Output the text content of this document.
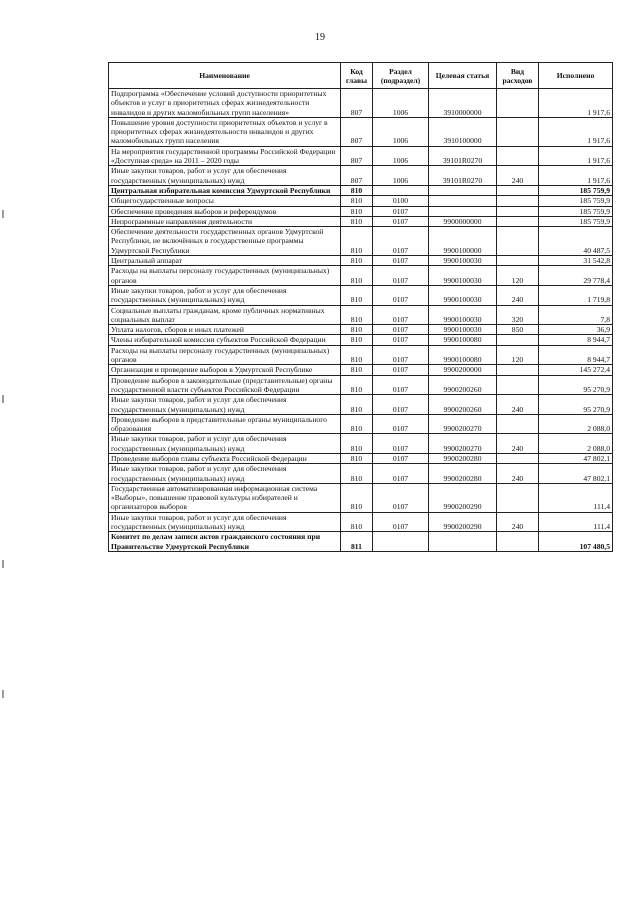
19
Наименование	Код главы	Раздел (подраздел)	Целевая статья	Вид расходов	Исполнено
Подпрограмма «Обеспечение условий доступности приоритетных объектов и услуг в приоритетных сферах жизнедеятельности инвалидов и других маломобильных групп населения»	807	1006	3910000000		1 917,6
Повышение уровня доступности приоритетных объектов и услуг в приоритетных сферах жизнедеятельности инвалидов и других маломобильных групп населения	807	1006	3910100000		1 917,6
На мероприятия государственной программы Российской Федерации «Доступная среда» на 2011 – 2020 годы	807	1006	39101R0270		1 917,6
Иные закупки товаров, работ и услуг для обеспечения государственных (муниципальных) нужд	807	1006	39101R0270	240	1 917,6
Центральная избирательная комиссия Удмуртской Республики	810				185 759,9
Общегосударственные вопросы	810	0100			185 759,9
Обеспечение проведения выборов и референдумов	810	0107			185 759,9
Непрограммные направления деятельности	810	0107	9900000000		185 759,9
Обеспечение деятельности государственных органов Удмуртской Республики, не включённых в государственные программы Удмуртской Республики	810	0107	9900100000		40 487,5
Центральный аппарат	810	0107	9900100030		31 542,8
Расходы на выплаты персоналу государственных (муниципальных) органов	810	0107	9900100030	120	29 778,4
Иные закупки товаров, работ и услуг для обеспечения государственных (муниципальных) нужд	810	0107	9900100030	240	1 719,8
Социальные выплаты гражданам, кроме публичных нормативных социальных выплат	810	0107	9900100030	320	7,8
Уплата налогов, сборов и иных платежей	810	0107	9900100030	850	36,9
Члены избирательной комиссии субъектов Российской Федерации	810	0107	9900100080		8 944,7
Расходы на выплаты персоналу государственных (муниципальных) органов	810	0107	9900100080	120	8 944,7
Организация и проведение выборов в Удмуртской Республике	810	0107	9900200000		145 272,4
Проведение выборов в законодательные (представительные) органы государственной власти субъектов Российской Федерации	810	0107	9900200260		95 270,9
Иные закупки товаров, работ и услуг для обеспечения государственных (муниципальных) нужд	810	0107	9900200260	240	95 270,9
Проведение выборов в представительные органы муниципального образования	810	0107	9900200270		2 088,0
Иные закупки товаров, работ и услуг для обеспечения государственных (муниципальных) нужд	810	0107	9900200270	240	2 088,0
Проведение выборов главы субъекта Российской Федерации	810	0107	9900200280		47 802,1
Иные закупки товаров, работ и услуг для обеспечения государственных (муниципальных) нужд	810	0107	9900200280	240	47 802,1
Государственная автоматизированная информационная система «Выборы», повышение правовой культуры избирателей и организаторов выборов	810	0107	9900200290		111,4
Иные закупки товаров, работ и услуг для обеспечения государственных (муниципальных) нужд	810	0107	9900200290	240	111,4
Комитет по делам записи актов гражданского состояния при Правительстве Удмуртской Республики	811				107 480,5
